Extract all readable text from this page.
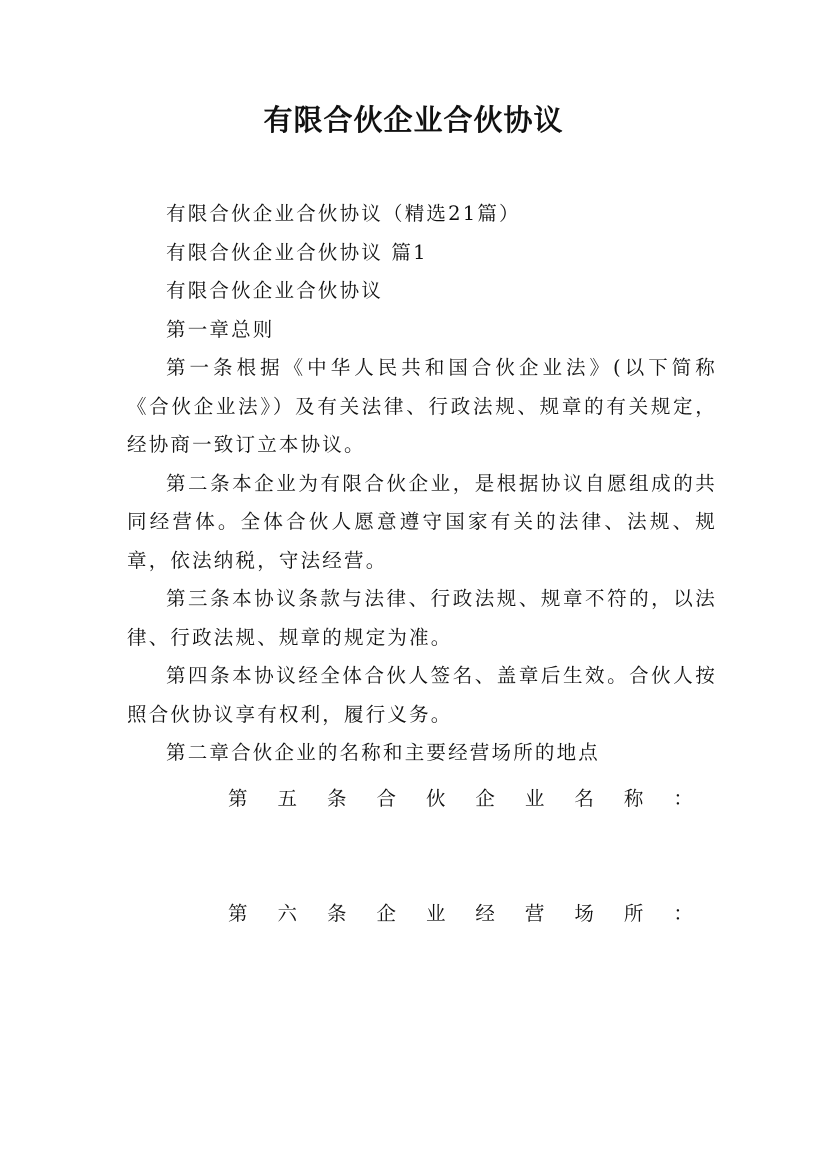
有限合伙企业合伙协议

有限合伙企业合伙协议（精选21篇）

有限合伙企业合伙协议 篇1

有限合伙企业合伙协议

第一章总则

第一条根据《中华人民共和国合伙企业法》(以下简称《合伙企业法》）及有关法律、行政法规、规章的有关规定，经协商一致订立本协议。

第二条本企业为有限合伙企业，是根据协议自愿组成的共同经营体。全体合伙人愿意遵守国家有关的法律、法规、规章，依法纳税，守法经营。

第三条本协议条款与法律、行政法规、规章不符的，以法律、行政法规、规章的规定为准。

第四条本协议经全体合伙人签名、盖章后生效。合伙人按照合伙协议享有权利，履行义务。

第二章合伙企业的名称和主要经营场所的地点

第 五 条 合 伙 企 业 名 称 ：
第 六 条 企 业 经 营 场 所 ：
